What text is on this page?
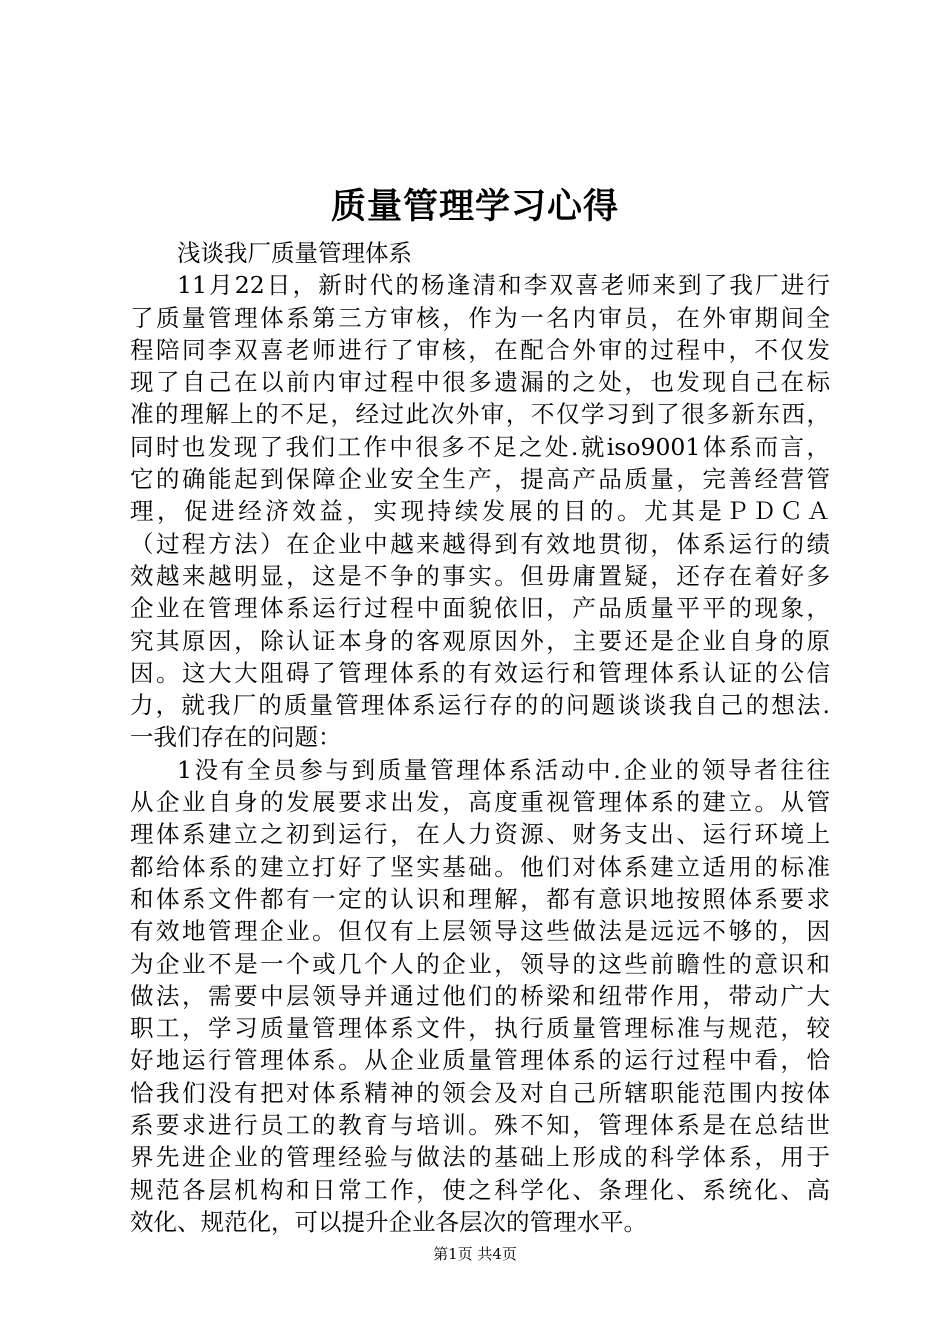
质量管理学习心得
浅谈我厂质量管理体系
11月22日，新时代的杨逢清和李双喜老师来到了我厂进行
了质量管理体系第三方审核，作为一名内审员，在外审期间全
程陪同李双喜老师进行了审核，在配合外审的过程中，不仅发
现了自己在以前内审过程中很多遗漏的之处，也发现自己在标
准的理解上的不足，经过此次外审，不仅学习到了很多新东西，
同时也发现了我们工作中很多不足之处.就iso9001体系而言，
它的确能起到保障企业安全生产，提高产品质量，完善经营管
理，促进经济效益，实现持续发展的目的。尤其是ＰＤＣＡ
（过程方法）在企业中越来越得到有效地贯彻，体系运行的绩
效越来越明显，这是不争的事实。但毋庸置疑，还存在着好多
企业在管理体系运行过程中面貌依旧，产品质量平平的现象，
究其原因，除认证本身的客观原因外，主要还是企业自身的原
因。这大大阻碍了管理体系的有效运行和管理体系认证的公信
力，就我厂的质量管理体系运行存的的问题谈谈我自己的想法.
一我们存在的问题：
1没有全员参与到质量管理体系活动中.企业的领导者往往
从企业自身的发展要求出发，高度重视管理体系的建立。从管
理体系建立之初到运行，在人力资源、财务支出、运行环境上
都给体系的建立打好了坚实基础。他们对体系建立适用的标准
和体系文件都有一定的认识和理解，都有意识地按照体系要求
有效地管理企业。但仅有上层领导这些做法是远远不够的，因
为企业不是一个或几个人的企业，领导的这些前瞻性的意识和
做法，需要中层领导并通过他们的桥梁和纽带作用，带动广大
职工，学习质量管理体系文件，执行质量管理标准与规范，较
好地运行管理体系。从企业质量管理体系的运行过程中看，恰
恰我们没有把对体系精神的领会及对自己所辖职能范围内按体
系要求进行员工的教育与培训。殊不知，管理体系是在总结世
界先进企业的管理经验与做法的基础上形成的科学体系，用于
规范各层机构和日常工作，使之科学化、条理化、系统化、高
效化、规范化，可以提升企业各层次的管理水平。
第1页 共4页
